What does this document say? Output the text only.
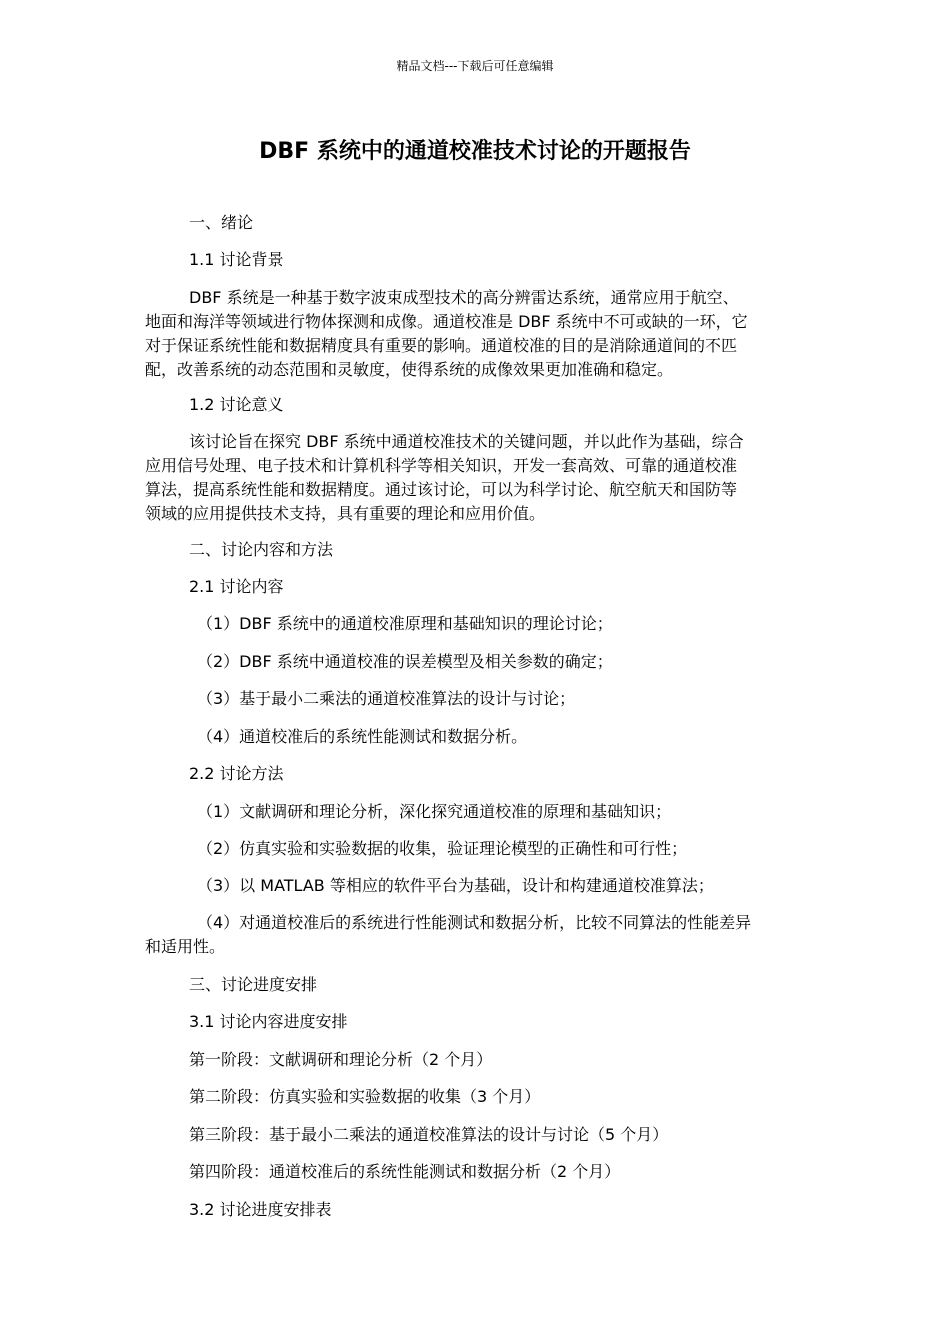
精品文档---下载后可任意编辑
DBF 系统中的通道校准技术讨论的开题报告
一、绪论
1.1 讨论背景
DBF 系统是一种基于数字波束成型技术的高分辨雷达系统，通常应用于航空、
地面和海洋等领域进行物体探测和成像。通道校准是 DBF 系统中不可或缺的一环，它
对于保证系统性能和数据精度具有重要的影响。通道校准的目的是消除通道间的不匹
配，改善系统的动态范围和灵敏度，使得系统的成像效果更加准确和稳定。
1.2 讨论意义
该讨论旨在探究 DBF 系统中通道校准技术的关键问题，并以此作为基础，综合
应用信号处理、电子技术和计算机科学等相关知识，开发一套高效、可靠的通道校准
算法，提高系统性能和数据精度。通过该讨论，可以为科学讨论、航空航天和国防等
领域的应用提供技术支持，具有重要的理论和应用价值。
二、讨论内容和方法
2.1 讨论内容
（1）DBF 系统中的通道校准原理和基础知识的理论讨论；
（2）DBF 系统中通道校准的误差模型及相关参数的确定；
（3）基于最小二乘法的通道校准算法的设计与讨论；
（4）通道校准后的系统性能测试和数据分析。
2.2 讨论方法
（1）文献调研和理论分析，深化探究通道校准的原理和基础知识；
（2）仿真实验和实验数据的收集，验证理论模型的正确性和可行性；
（3）以 MATLAB 等相应的软件平台为基础，设计和构建通道校准算法；
（4）对通道校准后的系统进行性能测试和数据分析，比较不同算法的性能差异
和适用性。
三、讨论进度安排
3.1 讨论内容进度安排
第一阶段：文献调研和理论分析（2 个月）
第二阶段：仿真实验和实验数据的收集（3 个月）
第三阶段：基于最小二乘法的通道校准算法的设计与讨论（5 个月）
第四阶段：通道校准后的系统性能测试和数据分析（2 个月）
3.2 讨论进度安排表
